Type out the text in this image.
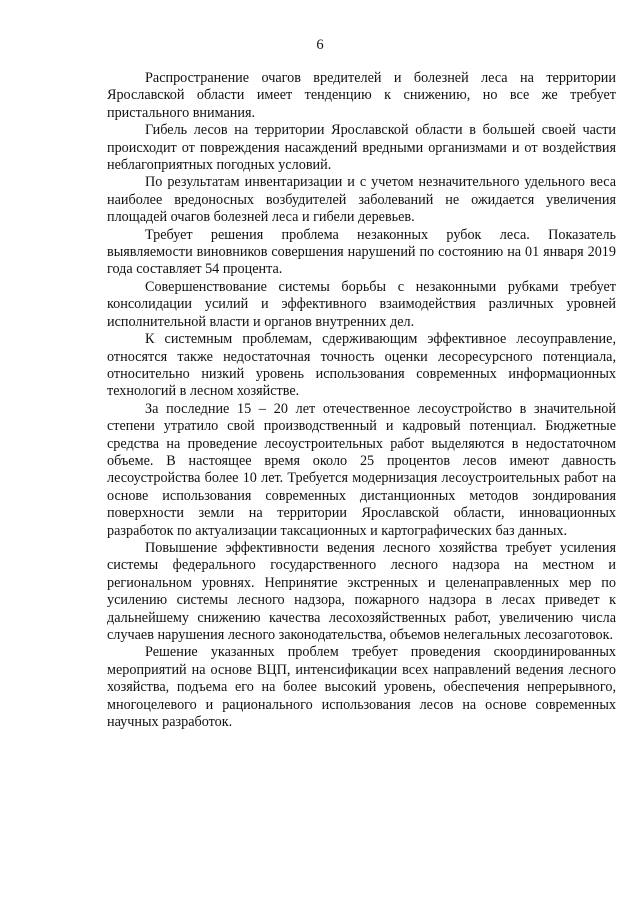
6

Распространение очагов вредителей и болезней леса на территории Ярославской области имеет тенденцию к снижению, но все же требует пристального внимания.

Гибель лесов на территории Ярославской области в большей своей части происходит от повреждения насаждений вредными организмами и от воздействия неблагоприятных погодных условий.

По результатам инвентаризации и с учетом незначительного удельного веса наиболее вредоносных возбудителей заболеваний не ожидается увеличения площадей очагов болезней леса и гибели деревьев.

Требует решения проблема незаконных рубок леса. Показатель выявляемости виновников совершения нарушений по состоянию на 01 января 2019 года составляет 54 процента.

Совершенствование системы борьбы с незаконными рубками требует консолидации усилий и эффективного взаимодействия различных уровней исполнительной власти и органов внутренних дел.

К системным проблемам, сдерживающим эффективное лесоуправление, относятся также недостаточная точность оценки лесоресурсного потенциала, относительно низкий уровень использования современных информационных технологий в лесном хозяйстве.

За последние 15 – 20 лет отечественное лесоустройство в значительной степени утратило свой производственный и кадровый потенциал. Бюджетные средства на проведение лесоустроительных работ выделяются в недостаточном объеме. В настоящее время около 25 процентов лесов имеют давность лесоустройства более 10 лет. Требуется модернизация лесоустроительных работ на основе использования современных дистанционных методов зондирования поверхности земли на территории Ярославской области, инновационных разработок по актуализации таксационных и картографических баз данных.

Повышение эффективности ведения лесного хозяйства требует усиления системы федерального государственного лесного надзора на местном и региональном уровнях. Непринятие экстренных и целенаправленных мер по усилению системы лесного надзора, пожарного надзора в лесах приведет к дальнейшему снижению качества лесохозяйственных работ, увеличению числа случаев нарушения лесного законодательства, объемов нелегальных лесозаготовок.

Решение указанных проблем требует проведения скоординированных мероприятий на основе ВЦП, интенсификации всех направлений ведения лесного хозяйства, подъема его на более высокий уровень, обеспечения непрерывного, многоцелевого и рационального использования лесов на основе современных научных разработок.
